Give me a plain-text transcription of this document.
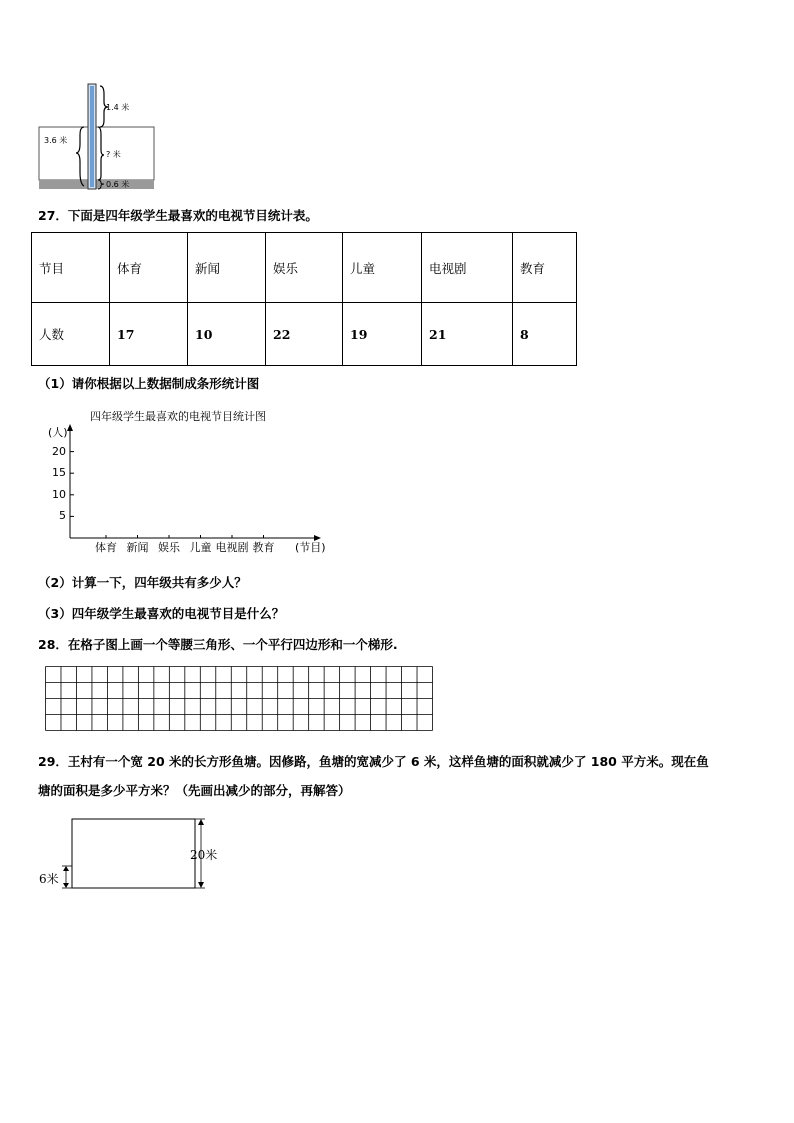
1.4 米
3.6 米
? 米
0.6 米
27．下面是四年级学生最喜欢的电视节目统计表。
节目	体育	新闻	娱乐	儿童	电视剧	教育
人数	17	10	22	19	21	8
（1）请你根据以上数据制成条形统计图
四年级学生最喜欢的电视节目统计图
(人)
20
15
10
5
体育 新闻 娱乐 儿童 电视剧 教育	(节目)
（2）计算一下，四年级共有多少人？
（3）四年级学生最喜欢的电视节目是什么？
28．在格子图上画一个等腰三角形、一个平行四边形和一个梯形.
29．王村有一个宽 20 米的长方形鱼塘。因修路，鱼塘的宽减少了 6 米，这样鱼塘的面积就减少了 180 平方米。现在鱼
塘的面积是多少平方米？（先画出减少的部分，再解答）
20米
6米
